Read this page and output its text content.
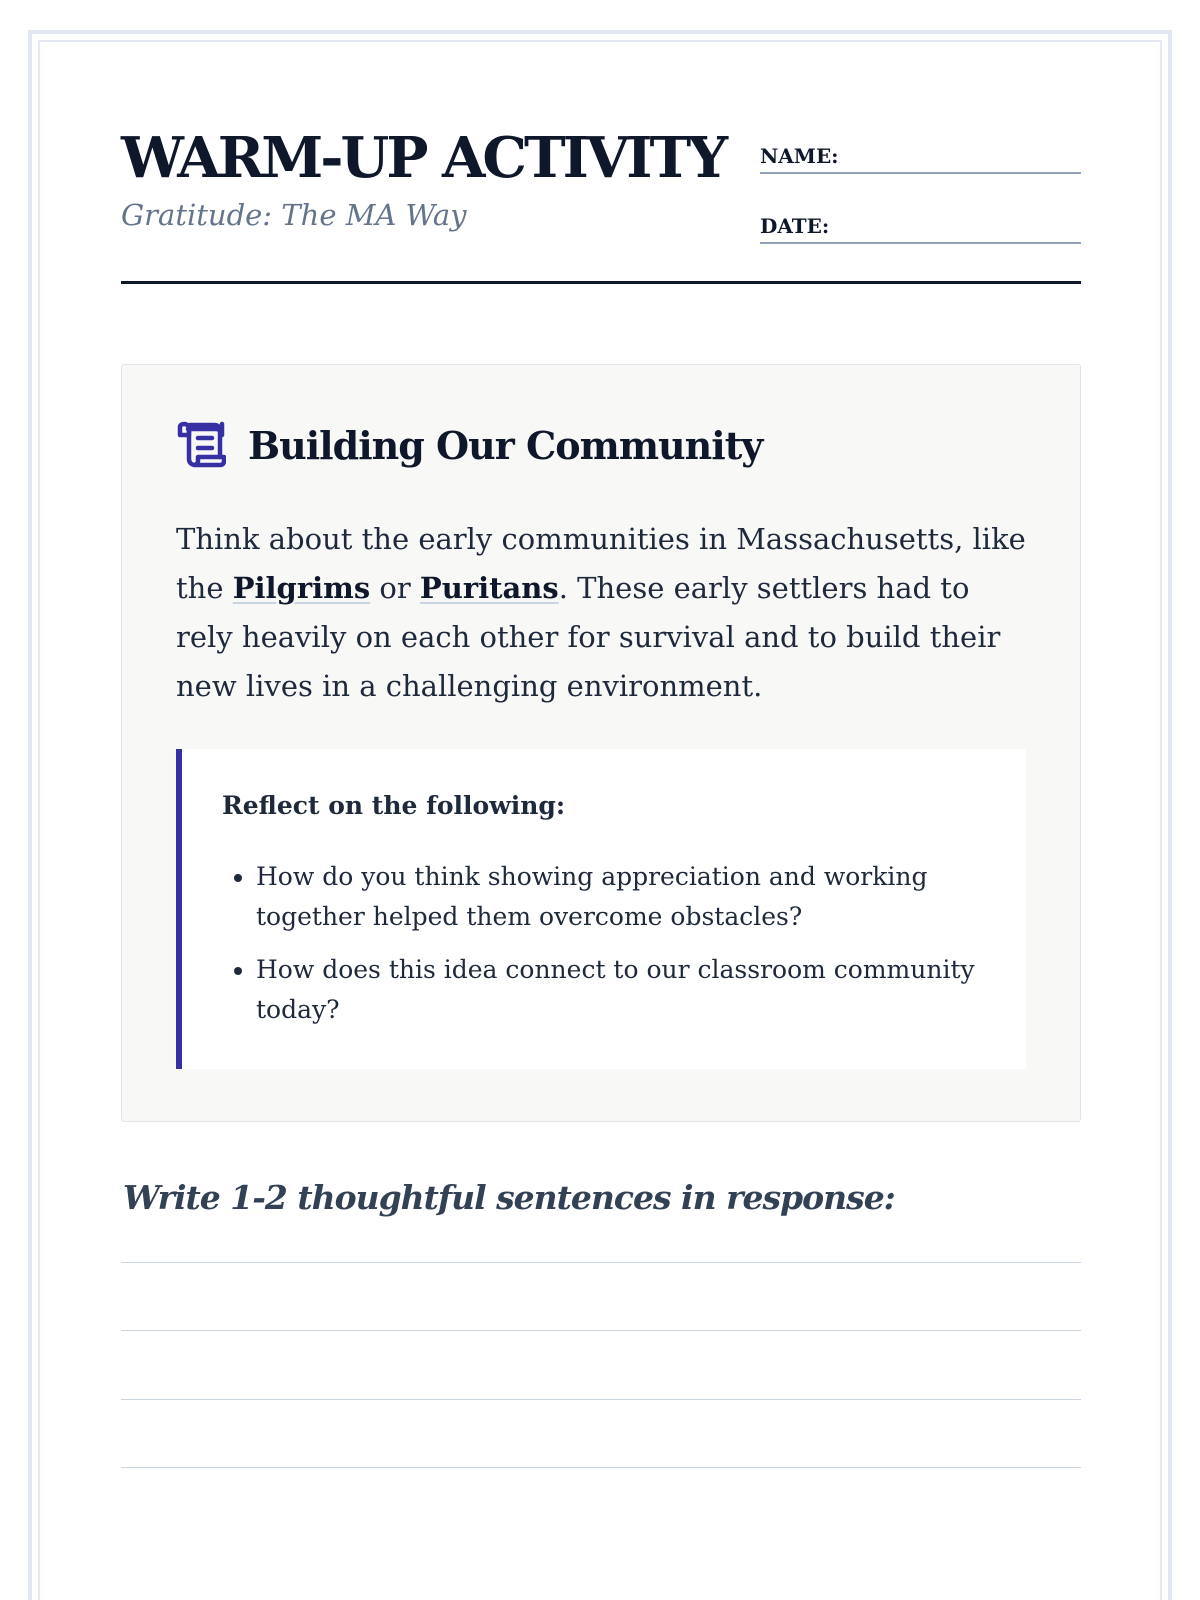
WARM-UP ACTIVITY
Gratitude: The MA Way
NAME:
DATE:
Building Our Community

Think about the early communities in Massachusetts, like the Pilgrims or Puritans. These early settlers had to rely heavily on each other for survival and to build their new lives in a challenging environment.

Reflect on the following:
• How do you think showing appreciation and working together helped them overcome obstacles?
• How does this idea connect to our classroom community today?
Write 1-2 thoughtful sentences in response:
